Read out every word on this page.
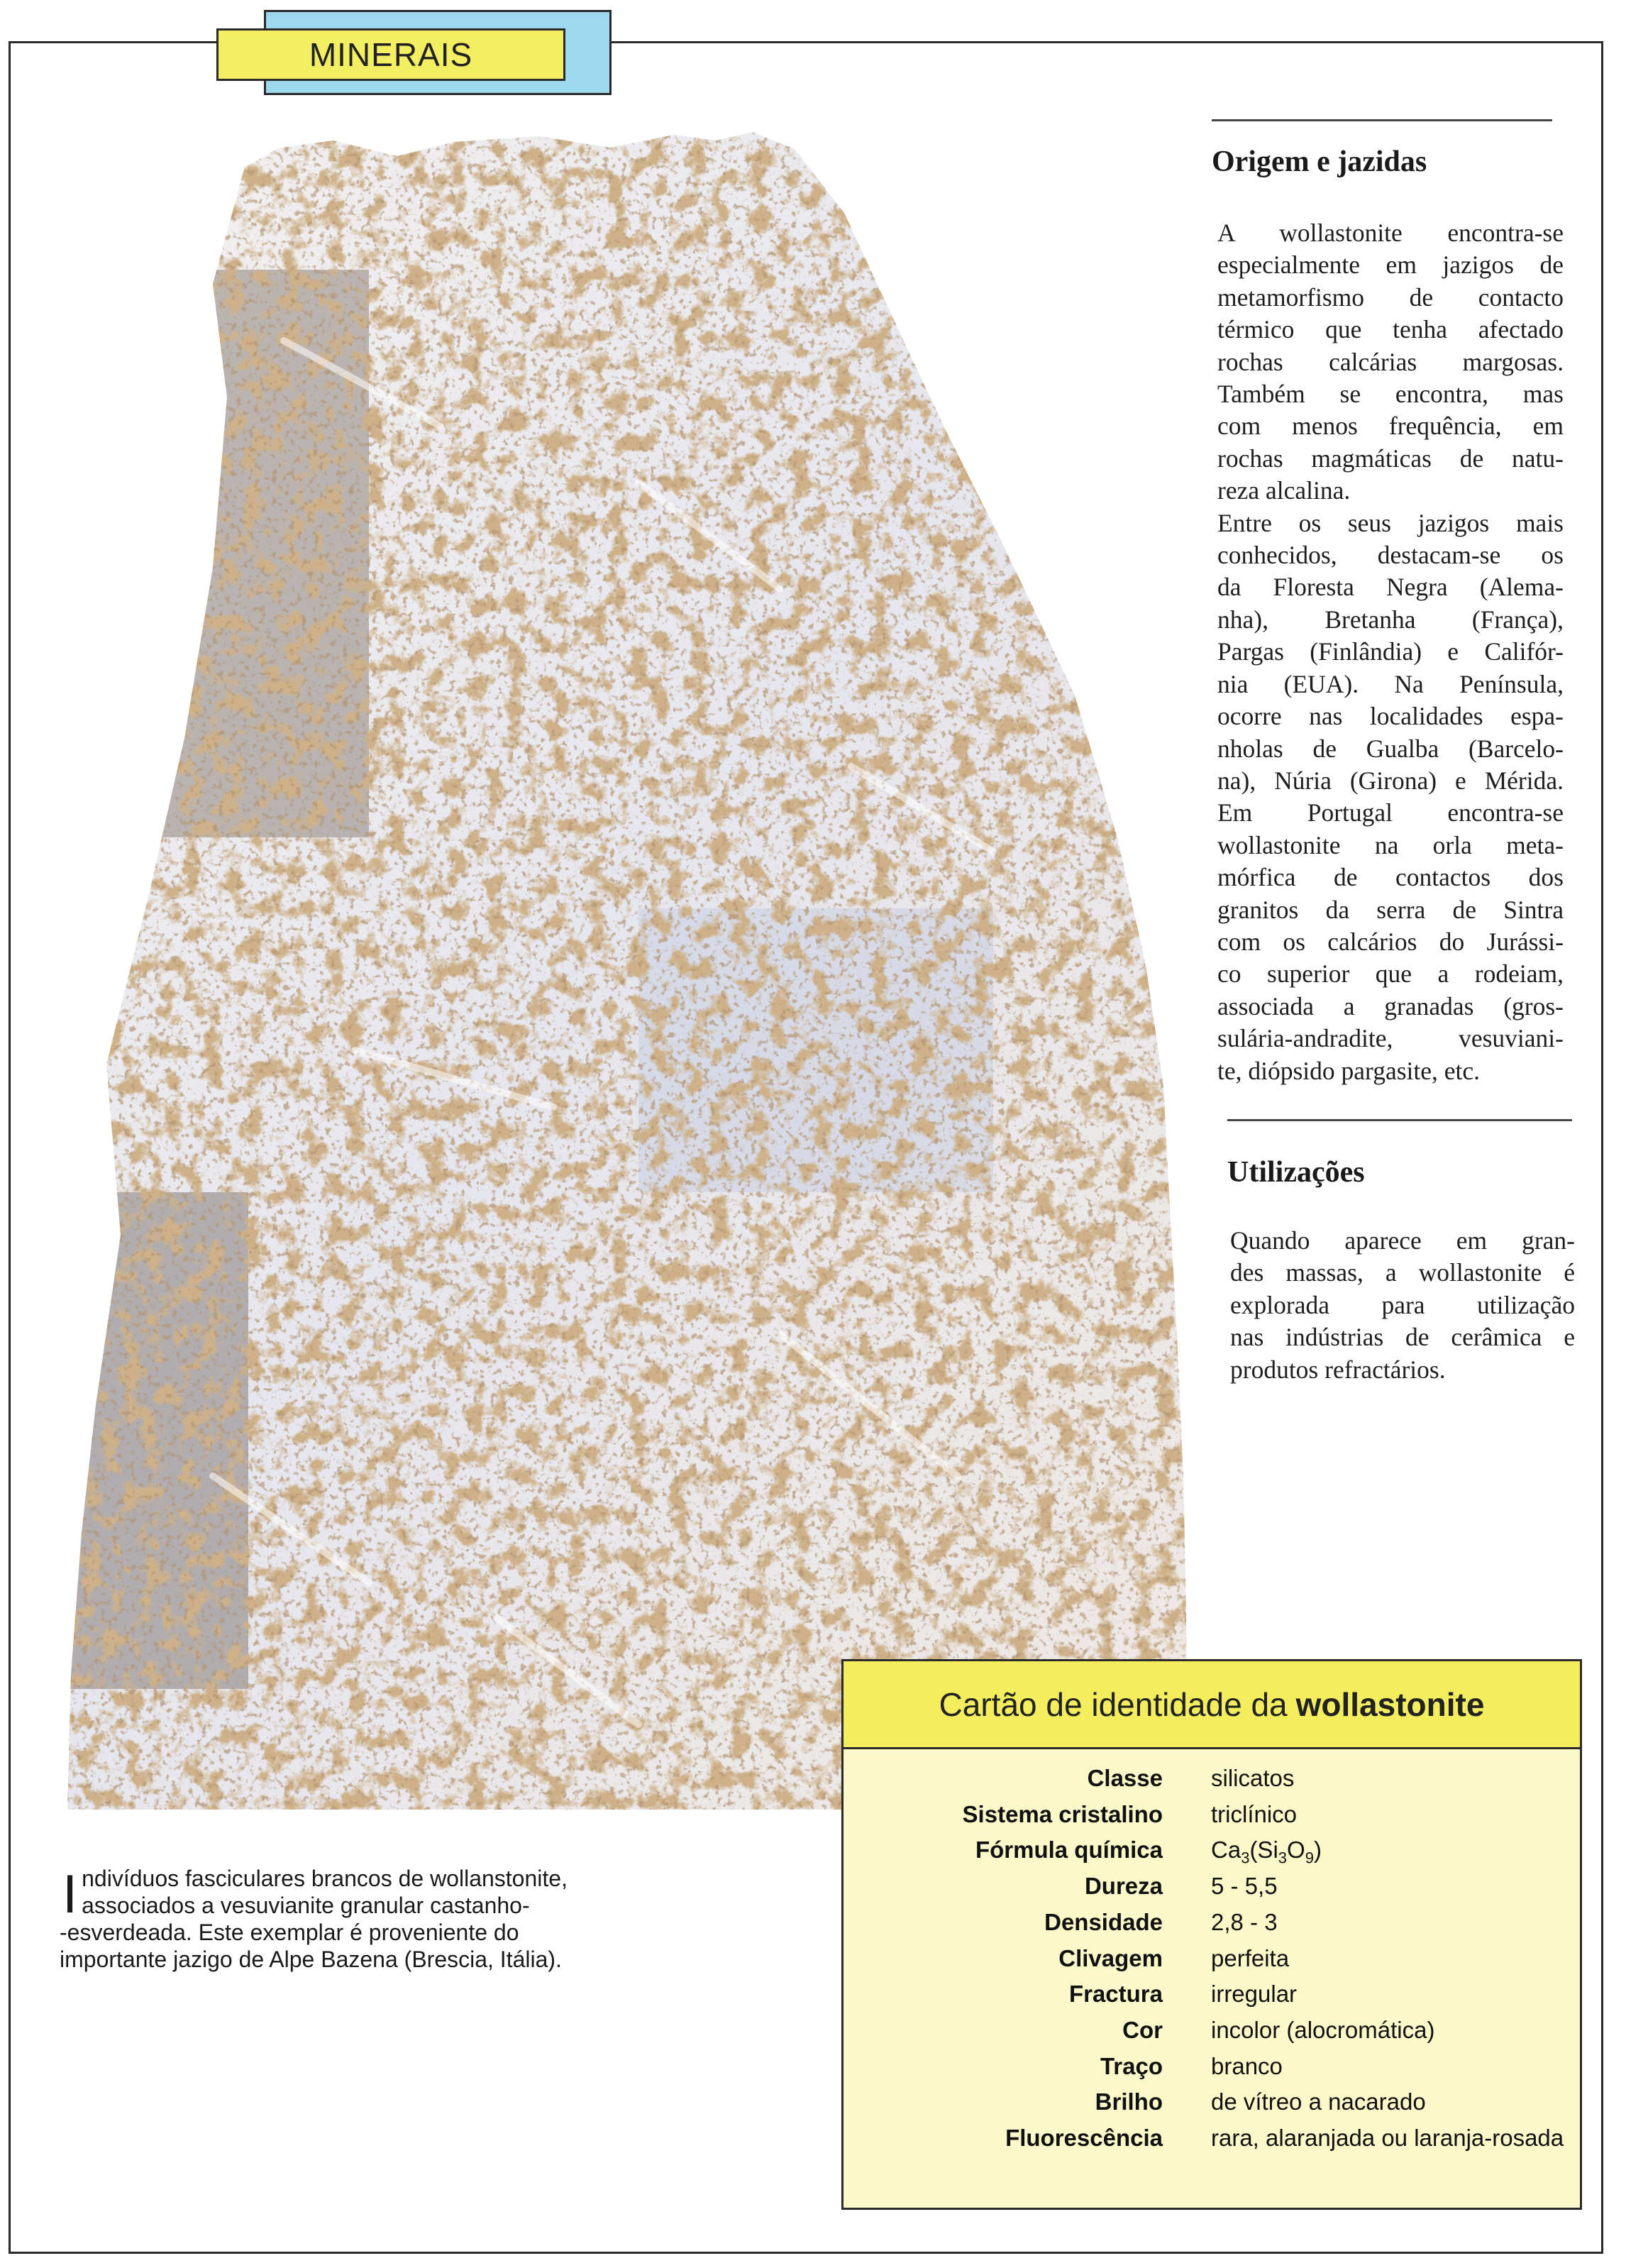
MINERAIS
Origem e jazidas
A wollastonite encontra-se
especialmente em jazigos de
metamorfismo de contacto
térmico que tenha afectado
rochas calcárias margosas.
Também se encontra, mas
com menos frequência, em
rochas magmáticas de natu-
reza alcalina.
Entre os seus jazigos mais
conhecidos, destacam-se os
da Floresta Negra (Alema-
nha), Bretanha (França),
Pargas (Finlândia) e Califór-
nia (EUA). Na Península,
ocorre nas localidades espa-
nholas de Gualba (Barcelo-
na), Núria (Girona) e Mérida.
Em Portugal encontra-se
wollastonite na orla meta-
mórfica de contactos dos
granitos da serra de Sintra
com os calcários do Jurássi-
co superior que a rodeiam,
associada a granadas (gros-
sulária-andradite, vesuviani-
te, diópsido pargasite, etc.
Utilizações
Quando aparece em gran-
des massas, a wollastonite é
explorada para utilização
nas indústrias de cerâmica e
produtos refractários.
I ndivíduos fasciculares brancos de wollanstonite,
associados a vesuvianite granular castanho-
-esverdeada. Este exemplar é proveniente do
importante jazigo de Alpe Bazena (Brescia, Itália).
Cartão de identidade da wollastonite
Classe silicatos
Sistema cristalino triclínico
Fórmula química $Ca_3(Si_3O_9)$
Dureza 5 - 5,5
Densidade 2,8 - 3
Clivagem perfeita
Fractura irregular
Cor incolor (alocromática)
Traço branco
Brilho de vítreo a nacarado
Fluorescência rara, alaranjada ou laranja-rosada
